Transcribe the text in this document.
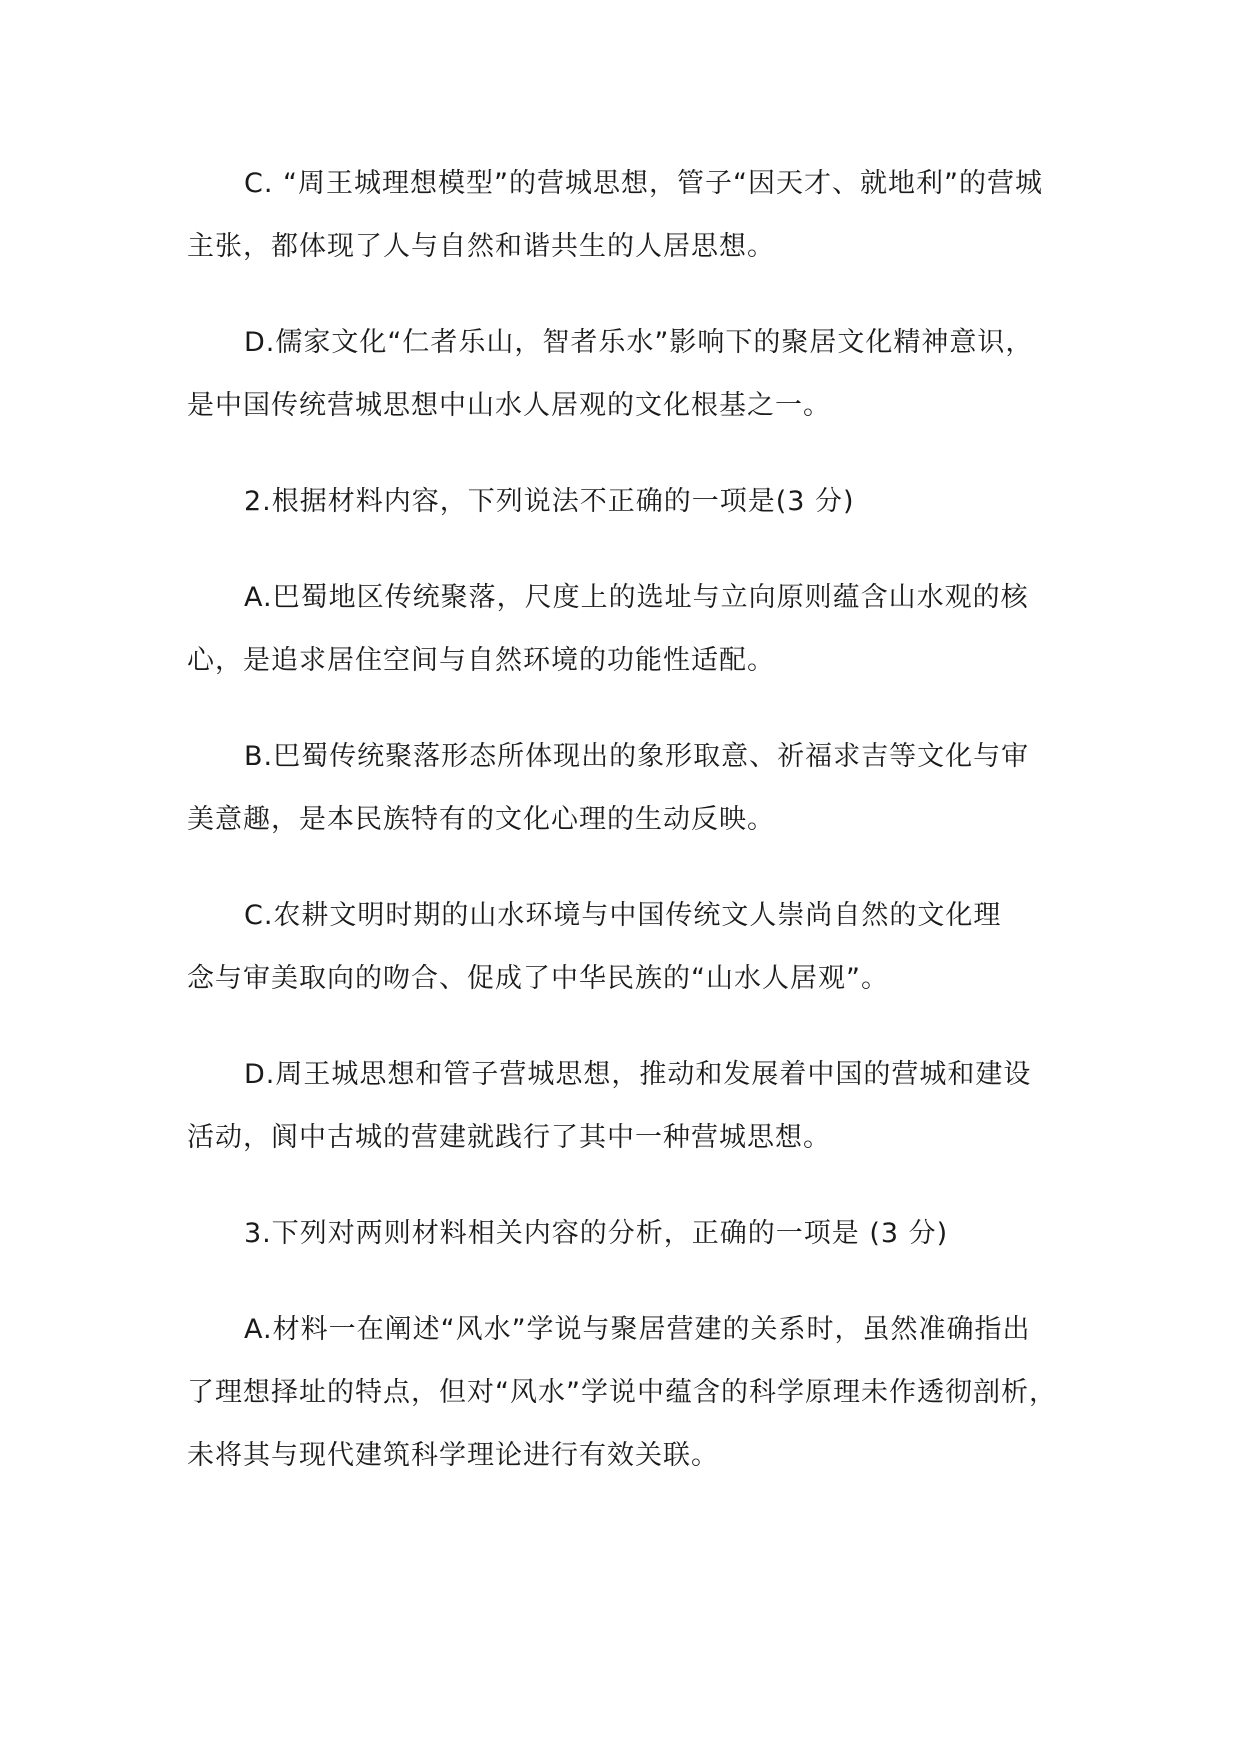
C. “周王城理想模型”的营城思想，管子“因天才、就地利”的营城
主张，都体现了人与自然和谐共生的人居思想。
D.儒家文化“仁者乐山，智者乐水”影响下的聚居文化精神意识，
是中国传统营城思想中山水人居观的文化根基之一。
2.根据材料内容，下列说法不正确的一项是(3 分)
A.巴蜀地区传统聚落，尺度上的选址与立向原则蕴含山水观的核
心，是追求居住空间与自然环境的功能性适配。
B.巴蜀传统聚落形态所体现出的象形取意、祈福求吉等文化与审
美意趣，是本民族特有的文化心理的生动反映。
C.农耕文明时期的山水环境与中国传统文人崇尚自然的文化理
念与审美取向的吻合、促成了中华民族的“山水人居观”。
D.周王城思想和管子营城思想，推动和发展着中国的营城和建设
活动，阆中古城的营建就践行了其中一种营城思想。
3.下列对两则材料相关内容的分析，正确的一项是 (3 分)
A.材料一在阐述“风水”学说与聚居营建的关系时，虽然准确指出
了理想择址的特点，但对“风水”学说中蕴含的科学原理未作透彻剖析，
未将其与现代建筑科学理论进行有效关联。
